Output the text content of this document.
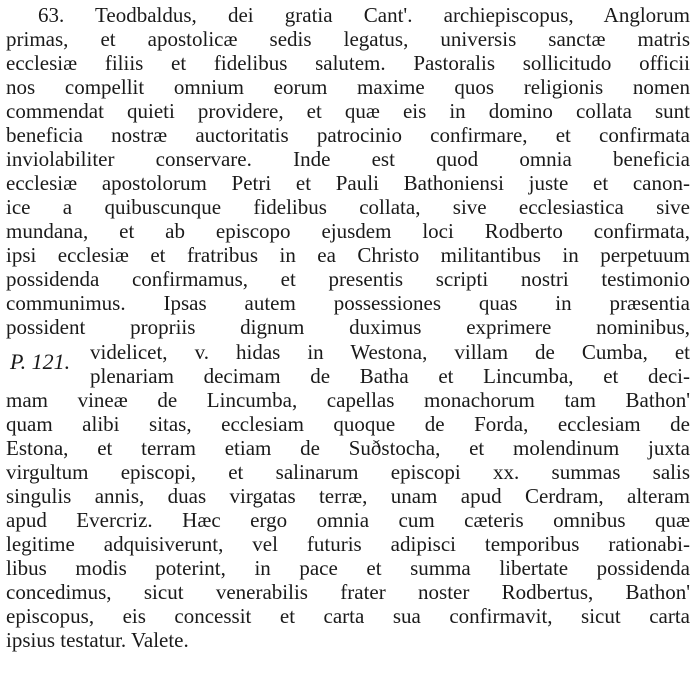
63. Teodbaldus, dei gratia Cant'. archiepiscopus, Anglorum
primas, et apostolicæ sedis legatus, universis sanctæ matris
ecclesiæ filiis et fidelibus salutem. Pastoralis sollicitudo officii
nos compellit omnium eorum maxime quos religionis nomen
commendat quieti providere, et quæ eis in domino collata sunt
beneficia nostræ auctoritatis patrocinio confirmare, et confirmata
inviolabiliter conservare. Inde est quod omnia beneficia
ecclesiæ apostolorum Petri et Pauli Bathoniensi juste et canon-
ice a quibuscunque fidelibus collata, sive ecclesiastica sive
mundana, et ab episcopo ejusdem loci Rodberto confirmata,
ipsi ecclesiæ et fratribus in ea Christo militantibus in perpetuum
possidenda confirmamus, et presentis scripti nostri testimonio
communimus. Ipsas autem possessiones quas in præsentia
possident propriis dignum duximus exprimere nominibus,
videlicet, v. hidas in Westona, villam de Cumba, et
plenariam decimam de Batha et Lincumba, et deci-
mam vineæ de Lincumba, capellas monachorum tam Bathon'
quam alibi sitas, ecclesiam quoque de Forda, ecclesiam de
Estona, et terram etiam de Suðstocha, et molendinum juxta
virgultum episcopi, et salinarum episcopi xx. summas salis
singulis annis, duas virgatas terræ, unam apud Cerdram, alteram
apud Evercriz. Hæc ergo omnia cum cæteris omnibus quæ
legitime adquisiverunt, vel futuris adipisci temporibus rationabi-
libus modis poterint, in pace et summa libertate possidenda
concedimus, sicut venerabilis frater noster Rodbertus, Bathon'
episcopus, eis concessit et carta sua confirmavit, sicut carta
ipsius testatur. Valete.
P. 121.
